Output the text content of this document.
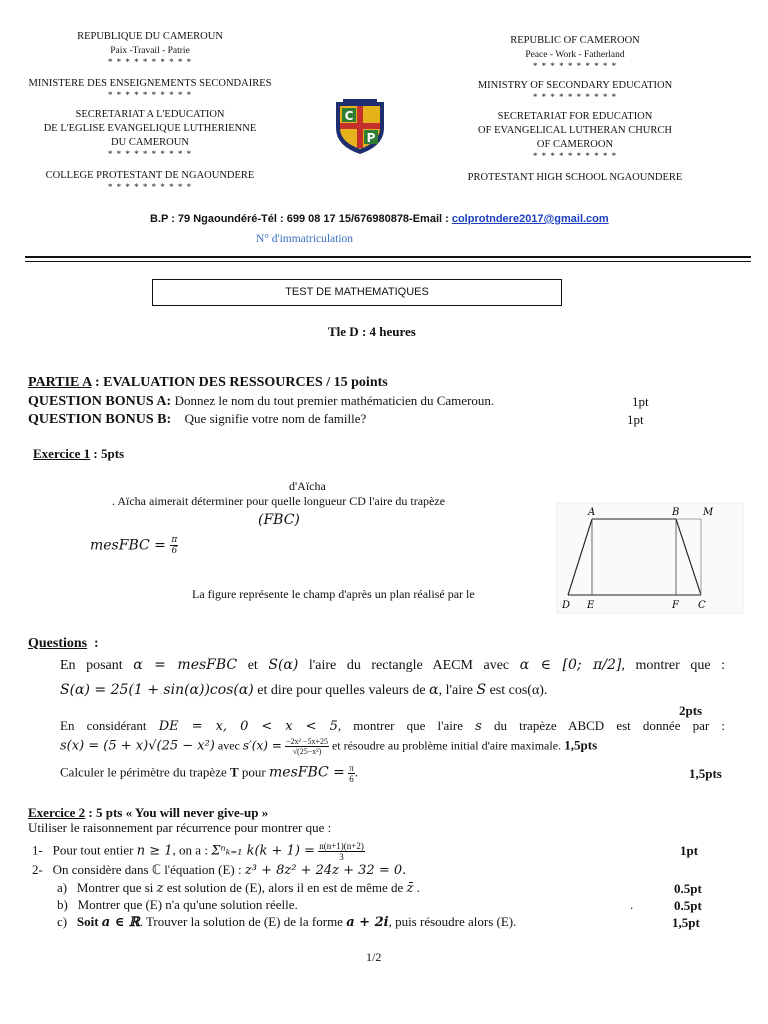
REPUBLIQUE DU CAMEROUN
Paix -Travail - Patrie
* * * * * * * * * *
MINISTERE DES ENSEIGNEMENTS SECONDAIRES
* * * * * * * * * *
SECRETARIAT A L'EDUCATION
DE L'EGLISE EVANGELIQUE LUTHERIENNE
DU CAMEROUN
* * * * * * * * * *
COLLEGE PROTESTANT DE NGAOUNDERE
* * * * * * * * * *
C
P
REPUBLIC OF CAMEROON
Peace - Work - Fatherland
* * * * * * * * * *
MINISTRY OF SECONDARY EDUCATION
* * * * * * * * * *
SECRETARIAT FOR EDUCATION
OF EVANGELICAL LUTHERAN CHURCH
OF CAMEROON
* * * * * * * * * *
PROTESTANT HIGH SCHOOL NGAOUNDERE
B.P : 79 Ngaoundéré-Tél : 699 08 17 15/676980878-Email : colprotndere2017@gmail.com
N° d'immatriculation
TEST DE MATHEMATIQUES
Tle D : 4 heures
PARTIE A : EVALUATION DES RESSOURCES / 15 points
QUESTION BONUS A: Donnez le nom du tout premier mathématicien du Cameroun.	1pt
QUESTION BONUS B: Que signifie votre nom de famille?	1pt
Exercice 1 : 5pts
d'Aïcha
. Aïcha aimerait déterminer pour quelle longueur CD l'aire du trapèze
(FBC)
mesFBC = $\frac{\pi}{6}$
La figure représente le champ d'après un plan réalisé par le
A	B M
D E	F C
Questions :
En posant α = mesFBC et S(α) l'aire du rectangle AECM avec α ∈ [0; π/2], montrer que :
S(α) = 25(1 + sin(α))cos(α) et dire pour quelles valeurs de α, l'aire S est cos(α).
2pts
En considérant DE = x, 0 < x < 5, montrer que l'aire s du trapèze ABCD est donnée par :
s(x) = (5 + x)√(25 − x²) avec $s'(x) = \frac{\text{−2x² −5x+25}}{\text{√(25−x²)}}$ et résoudre au problème initial d'aire maximale. 1,5pts
Calculer le périmètre du trapèze T pour mesFBC = $\frac{\pi}{6}$ .	1,5pts
Exercice 2 : 5 pts « You will never give-up »
Utiliser le raisonnement par récurrence pour montrer que :
1- Pour tout entier n ≥ 1, on a : Σⁿₖ₌₁ $k(k + 1) = \frac{n(n+1)(n+2)}{3}$	1pt
2- On considère dans ℂ l'équation (E) : z³ + 8z² + 24z + 32 = 0.
a) Montrer que si z est solution de (E), alors il en est de même de z̄ .	0.5pt
b) Montrer que (E) n'a qu'une solution réelle.	.	0.5pt
c) Soit a ∈ ℝ. Trouver la solution de (E) de la forme a + 2i, puis résoudre alors (E).	1,5pt
1/2
